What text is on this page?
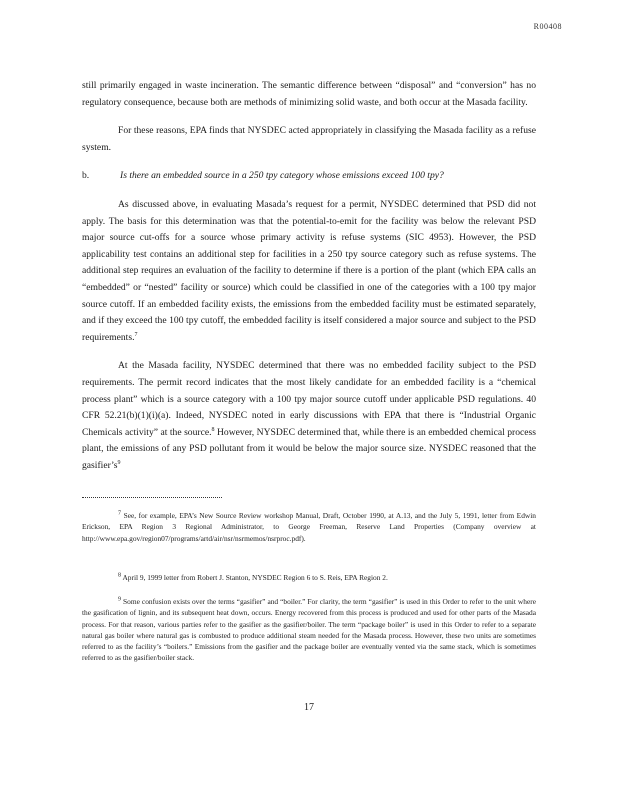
R00408

still primarily engaged in waste incineration. The semantic difference between “disposal” and “conversion” has no regulatory consequence, because both are methods of minimizing solid waste, and both occur at the Masada facility.

For these reasons, EPA finds that NYSDEC acted appropriately in classifying the Masada facility as a refuse system.

b.	Is there an embedded source in a 250 tpy category whose emissions exceed 100 tpy?

As discussed above, in evaluating Masada’s request for a permit, NYSDEC determined that PSD did not apply. The basis for this determination was that the potential-to-emit for the facility was below the relevant PSD major source cut-offs for a source whose primary activity is refuse systems (SIC 4953). However, the PSD applicability test contains an additional step for facilities in a 250 tpy source category such as refuse systems. The additional step requires an evaluation of the facility to determine if there is a portion of the plant (which EPA calls an “embedded” or “nested” facility or source) which could be classified in one of the categories with a 100 tpy major source cutoff. If an embedded facility exists, the emissions from the embedded facility must be estimated separately, and if they exceed the 100 tpy cutoff, the embedded facility is itself considered a major source and subject to the PSD requirements.$^7$

At the Masada facility, NYSDEC determined that there was no embedded facility subject to the PSD requirements. The permit record indicates that the most likely candidate for an embedded facility is a “chemical process plant” which is a source category with a 100 tpy major source cutoff under applicable PSD regulations. 40 CFR 52.21(b)(1)(i)(a). Indeed, NYSDEC noted in early discussions with EPA that there is “Industrial Organic Chemicals activity” at the source.$^8$ However, NYSDEC determined that, while there is an embedded chemical process plant, the emissions of any PSD pollutant from it would be below the major source size. NYSDEC reasoned that the $gasifier’s^9$

$^7$ See, for example, EPA’s New Source Review workshop Manual, Draft, October 1990, at A.13, and the July 5, 1991, letter from Edwin Erickson, EPA Region 3 Regional Administrator, to George Freeman, Reserve Land Properties (Company overview at http://www.epa.gov/region07/programs/artd/air/nsr/nsrmemos/nsrproc.pdf).

$^8$ April 9, 1999 letter from Robert J. Stanton, NYSDEC Region 6 to S. Reis, EPA Region 2.

$^9$ Some confusion exists over the terms “gasifier” and “boiler.” For clarity, the term “gasifier” is used in this Order to refer to the unit where the gasification of lignin, and its subsequent heat down, occurs. Energy recovered from this process is produced and used for other parts of the Masada process. For that reason, various parties refer to the gasifier as the gasifier/boiler. The term “package boiler” is used in this Order to refer to a separate natural gas boiler where natural gas is combusted to produce additional steam needed for the Masada process. However, these two units are sometimes referred to as the facility’s “boilers.” Emissions from the gasifier and the package boiler are eventually vented via the same stack, which is sometimes referred to as the gasifier/boiler stack.

17
